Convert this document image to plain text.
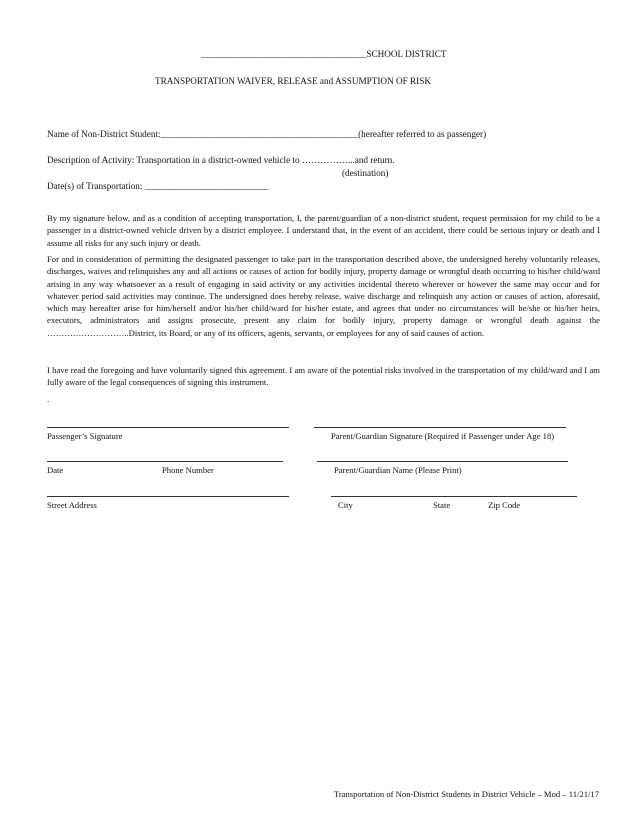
____________________________________SCHOOL DISTRICT
TRANSPORTATION WAIVER, RELEASE and ASSUMPTION OF RISK
Name of Non-District Student:___________________________________________(hereafter referred to as passenger)
Description of Activity: Transportation in a district-owned vehicle to ……………...and return.
(destination)
Date(s) of Transportation: ___________________________

By my signature below, and as a condition of accepting transportation, I, the parent/guardian of a non-district student, request permission for my child to be a passenger in a district-owned vehicle driven by a district employee. I understand that, in the event of an accident, there could be serious injury or death and I assume all risks for any such injury or death.

For and in consideration of permitting the designated passenger to take part in the transportation described above, the undersigned hereby voluntarily releases, discharges, waives and relinquishes any and all actions or causes of action for bodily injury, property damage or wrongful death occurring to his/her child/ward arising in any way whatsoever as a result of engaging in said activity or any activities incidental thereto wherever or however the same may occur and for whatever period said activities may continue. The undersigned does hereby release, waive discharge and relinquish any action or causes of action, aforesaid, which may hereafter arise for him/herself and/or his/her child/ward for his/her estate, and agrees that under no circumstances will he/she or his/her heirs, executors, administrators and assigns prosecute, present any claim for bodily injury, property damage or wrongful death against the ………………………..District, its Board, or any of its officers, agents, servants, or employees for any of said causes of action.

I have read the foregoing and have voluntarily signed this agreement. I am aware of the potential risks involved in the transportation of my child/ward and I am fully aware of the legal consequences of signing this instrument.

.
Passenger’s Signature	Parent/Guardian Signature (Required if Passenger under Age 18)
Date	Phone Number	Parent/Guardian Name (Please Print)
Street Address	City	State	Zip Code
Transportation of Non-District Students in District Vehicle – Mod – 11/21/17
